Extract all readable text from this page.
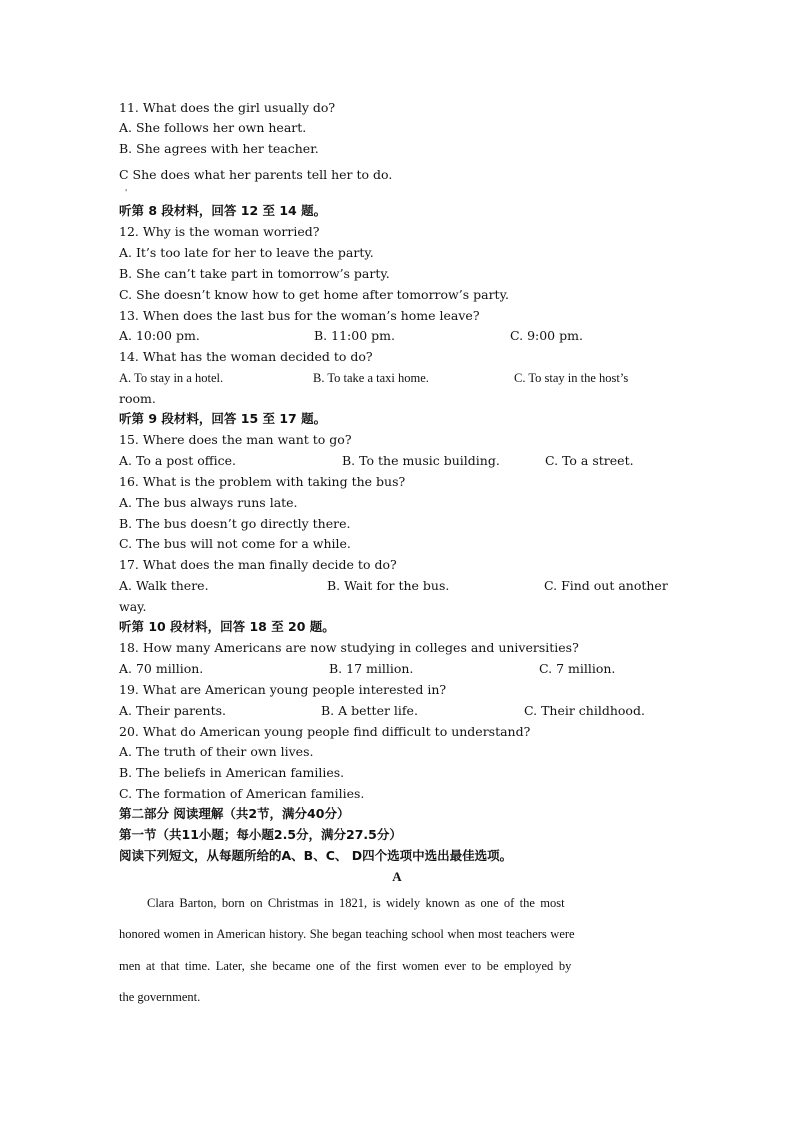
11. What does the girl usually do?
A. She follows her own heart.
B. She agrees with her teacher.
C She does what her parents tell her to do.
'
听第 8 段材料，回答 12 至 14 题。
12. Why is the woman worried?
A. It’s too late for her to leave the party.
B. She can’t take part in tomorrow’s party.
C. She doesn’t know how to get home after tomorrow’s party.
13. When does the last bus for the woman’s home leave?

A. 10:00 pm.

	B. 11:00 pm.

	C. 9:00 pm.

14. What has the woman decided to do?

A. To stay in a hotel.

	B. To take a taxi home.

	C. To stay in the host’s

room.
听第 9 段材料，回答 15 至 17 题。
15. Where does the man want to go?

A. To a post office.

	B. To the music building.

	C. To a street.

16. What is the problem with taking the bus?
A. The bus always runs late.
B. The bus doesn’t go directly there.
C. The bus will not come for a while.
17. What does the man finally decide to do?

A. Walk there.

	B. Wait for the bus.

	C. Find out another

way.
听第 10 段材料，回答 18 至 20 题。
18. How many Americans are now studying in colleges and universities?

A. 70 million.

	B. 17 million.

	C. 7 million.

19. What are American young people interested in?

A. Their parents.

	B. A better life.

	C. Their childhood.

20. What do American young people find difficult to understand?
A. The truth of their own lives.
B. The beliefs in American families.
C. The formation of American families.
第二部分 阅读理解（共2节，满分40分）
第一节（共11小题；每小题2.5分，满分27.5分）
阅读下列短文，从每题所给的A、B、C、 D四个选项中选出最佳选项。
A
Clara Barton, born on Christmas in 1821, is widely known as one of the most
honored women in American history. She began teaching school when most teachers were
men at that time. Later, she became one of the first women ever to be employed by
the government.
